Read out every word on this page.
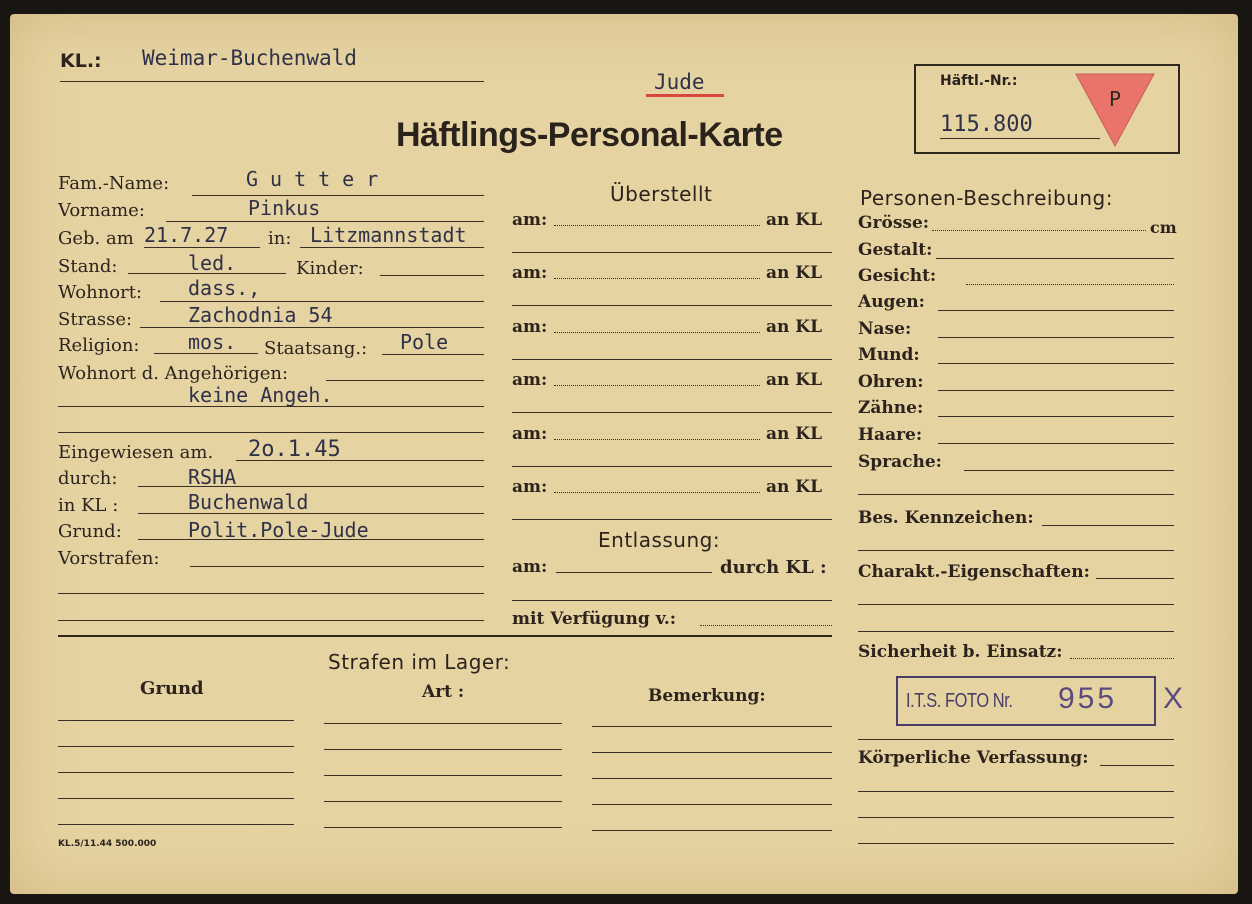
KL.: Weimar-Buchenwald
Jude
Häftlings-Personal-Karte
Häftl.-Nr.:
115.800
P
Fam.-Name:	Gutter
Vorname:	Pinkus
Geb. am 21.7.27 in: Litzmannstadt
Stand:	led.	Kinder:
Wohnort: dass.,
Strasse:	Zachodnia 54
Religion: mos. Staatsang.: Pole
Wohnort d. Angehörigen:
keine Angeh.
Eingewiesen am. 2o.1.45
durch:	RSHA
in KL :	Buchenwald
Grund:	Polit.Pole-Jude
Vorstrafen:
Überstellt
am:	an KL
am:	an KL
am:	an KL
am:	an KL
am:	an KL
am:	an KL
Entlassung:
am:	durch KL :
mit Verfügung v.:
Personen-Beschreibung:
Grösse:	cm
Gestalt:
Gesicht:
Augen:
Nase:
Mund:
Ohren:
Zähne:
Haare:
Sprache:
Bes. Kennzeichen:
Charakt.-Eigenschaften:
Sicherheit b. Einsatz:
I.T.S. FOTO Nr. 955 X
Körperliche Verfassung:
Strafen im Lager:
Grund	Art :	Bemerkung:
KL.5/11.44 500.000
